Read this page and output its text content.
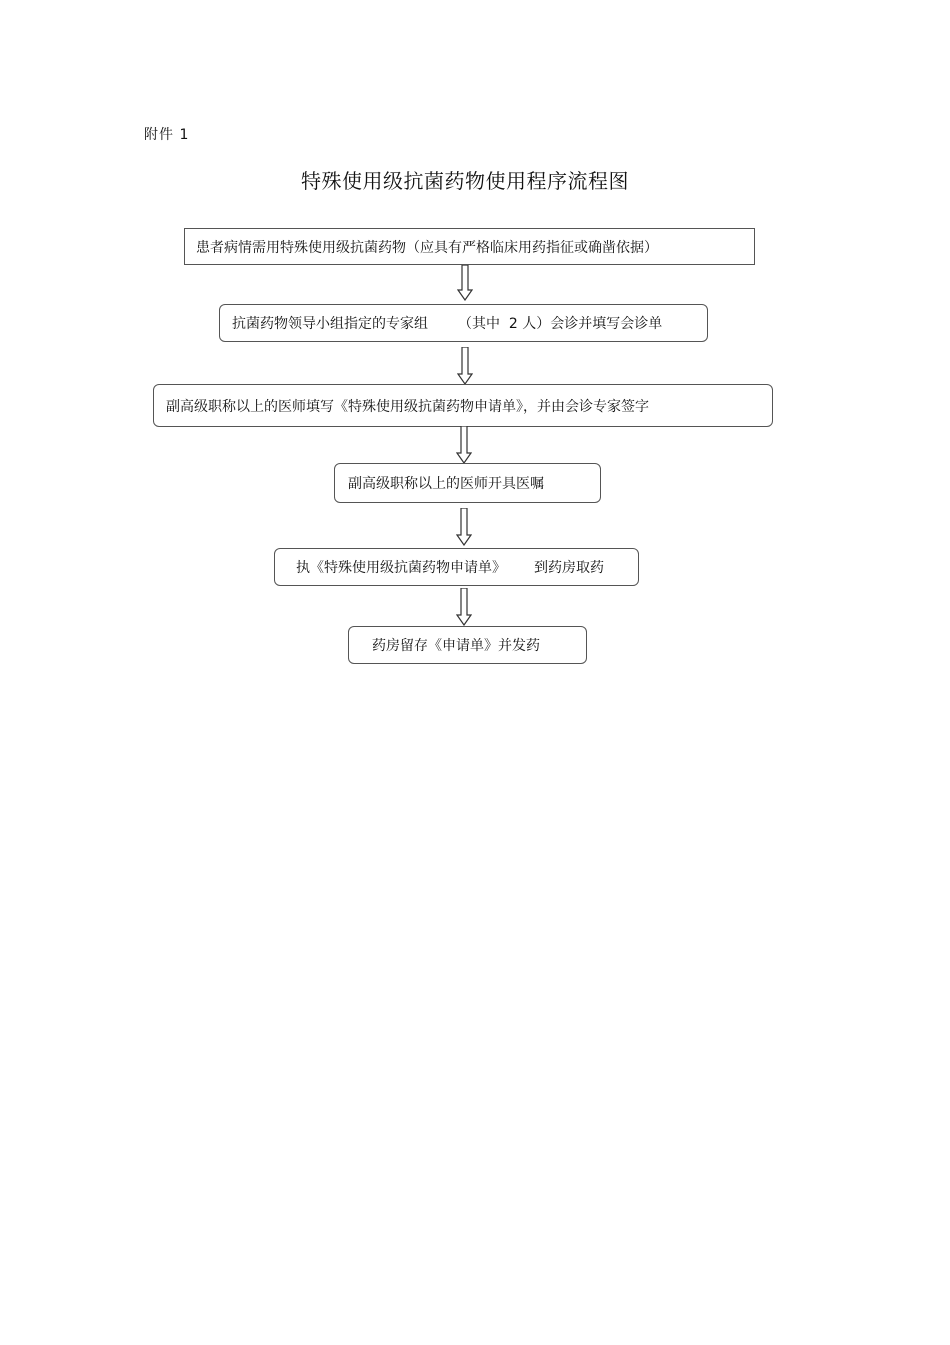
附件 1
特殊使用级抗菌药物使用程序流程图
患者病情需用特殊使用级抗菌药物（应具有严格临床用药指征或确凿依据）
抗菌药物领导小组指定的专家组 （其中  2 人）会诊并填写会诊单
副高级职称以上的医师填写《特殊使用级抗菌药物申请单》，并由会诊专家签字
副高级职称以上的医师开具医嘱
执《特殊使用级抗菌药物申请单》 到药房取药
药房留存《申请单》并发药
